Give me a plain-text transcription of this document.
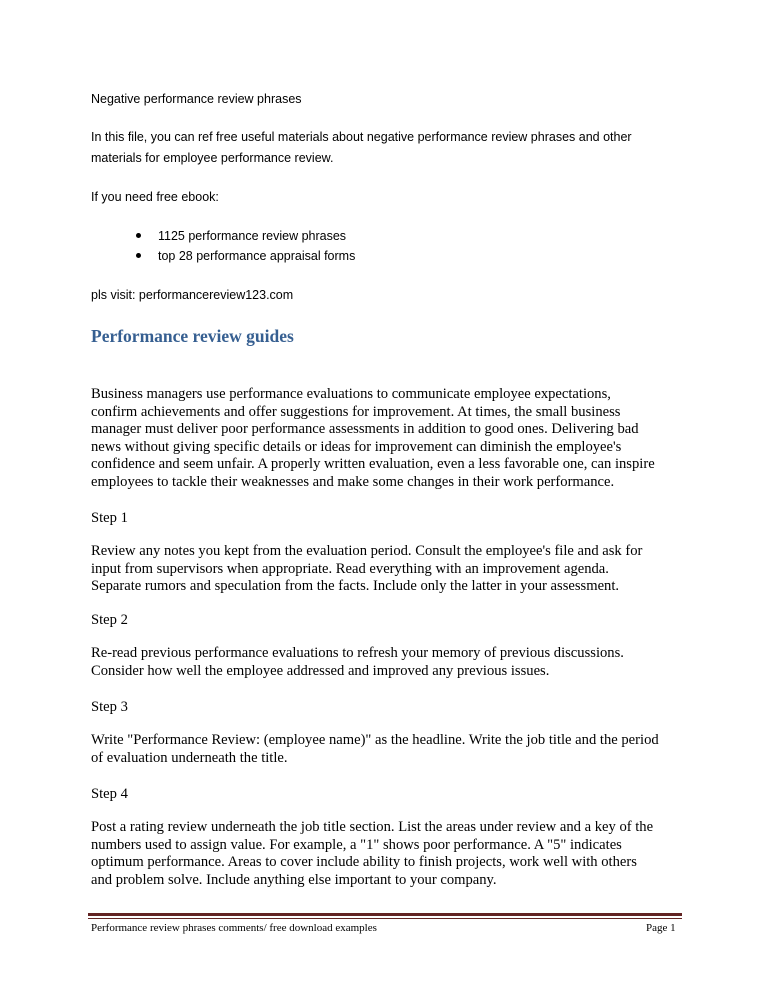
Negative performance review phrases

In this file, you can ref free useful materials about negative performance review phrases and other
materials for employee performance review.

If you need free ebook:

1125 performance review phrases
top 28 performance appraisal forms

pls visit: performancereview123.com

Performance review guides
Business managers use performance evaluations to communicate employee expectations,
confirm achievements and offer suggestions for improvement. At times, the small business
manager must deliver poor performance assessments in addition to good ones. Delivering bad
news without giving specific details or ideas for improvement can diminish the employee's
confidence and seem unfair. A properly written evaluation, even a less favorable one, can inspire
employees to tackle their weaknesses and make some changes in their work performance.

Step 1

Review any notes you kept from the evaluation period. Consult the employee's file and ask for
input from supervisors when appropriate. Read everything with an improvement agenda.
Separate rumors and speculation from the facts. Include only the latter in your assessment.

Step 2

Re-read previous performance evaluations to refresh your memory of previous discussions.
Consider how well the employee addressed and improved any previous issues.

Step 3

Write "Performance Review: (employee name)" as the headline. Write the job title and the period
of evaluation underneath the title.

Step 4

Post a rating review underneath the job title section. List the areas under review and a key of the
numbers used to assign value. For example, a "1" shows poor performance. A "5" indicates
optimum performance. Areas to cover include ability to finish projects, work well with others
and problem solve. Include anything else important to your company.
Performance review phrases comments/ free download examples	Page 1
